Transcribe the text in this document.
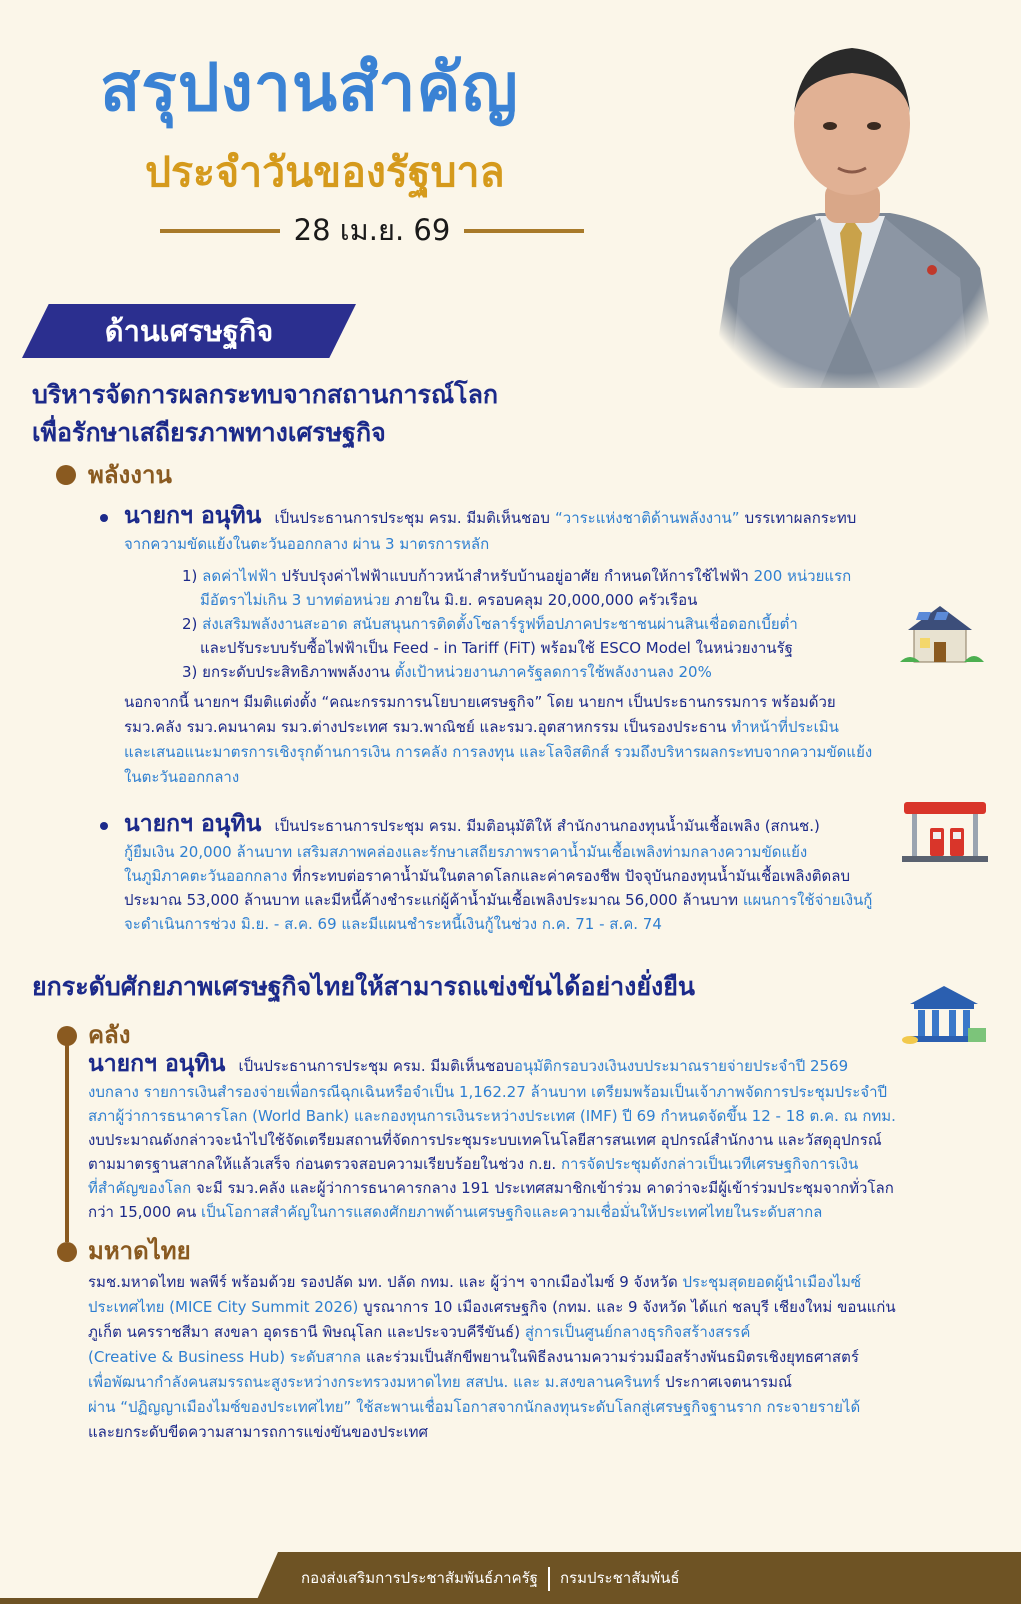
สรุปงานสำคัญ
ประจำวันของรัฐบาล
28 เม.ย. 69
ด้านเศรษฐกิจ
บริหารจัดการผลกระทบจากสถานการณ์โลก
เพื่อรักษาเสถียรภาพทางเศรษฐกิจ
พลังงาน
นายกฯ อนุทิน เป็นประธานการประชุม ครม. มีมติเห็นชอบ “วาระแห่งชาติด้านพลังงาน” บรรเทาผลกระทบ
จากความขัดแย้งในตะวันออกกลาง ผ่าน 3 มาตรการหลัก
1) ลดค่าไฟฟ้า ปรับปรุงค่าไฟฟ้าแบบก้าวหน้าสำหรับบ้านอยู่อาศัย กำหนดให้การใช้ไฟฟ้า 200 หน่วยแรก
มีอัตราไม่เกิน 3 บาทต่อหน่วย ภายใน มิ.ย. ครอบคลุม 20,000,000 ครัวเรือน
2) ส่งเสริมพลังงานสะอาด สนับสนุนการติดตั้งโซลาร์รูฟท็อปภาคประชาชนผ่านสินเชื่อดอกเบี้ยต่ำ
และปรับระบบรับซื้อไฟฟ้าเป็น Feed - in Tariff (FiT) พร้อมใช้ ESCO Model ในหน่วยงานรัฐ
3) ยกระดับประสิทธิภาพพลังงาน ตั้งเป้าหน่วยงานภาครัฐลดการใช้พลังงานลง 20%
นอกจากนี้ นายกฯ มีมติแต่งตั้ง “คณะกรรมการนโยบายเศรษฐกิจ” โดย นายกฯ เป็นประธานกรรมการ พร้อมด้วย
รมว.คลัง รมว.คมนาคม รมว.ต่างประเทศ รมว.พาณิชย์ และรมว.อุตสาหกรรม เป็นรองประธาน ทำหน้าที่ประเมิน
และเสนอแนะมาตรการเชิงรุกด้านการเงิน การคลัง การลงทุน และโลจิสติกส์ รวมถึงบริหารผลกระทบจากความขัดแย้ง
ในตะวันออกกลาง
นายกฯ อนุทิน เป็นประธานการประชุม ครม. มีมติอนุมัติให้ สำนักงานกองทุนน้ำมันเชื้อเพลิง (สกนช.)
กู้ยืมเงิน 20,000 ล้านบาท เสริมสภาพคล่องและรักษาเสถียรภาพราคาน้ำมันเชื้อเพลิงท่ามกลางความขัดแย้ง
ในภูมิภาคตะวันออกกลาง ที่กระทบต่อราคาน้ำมันในตลาดโลกและค่าครองชีพ ปัจจุบันกองทุนน้ำมันเชื้อเพลิงติดลบ
ประมาณ 53,000 ล้านบาท และมีหนี้ค้างชำระแก่ผู้ค้าน้ำมันเชื้อเพลิงประมาณ 56,000 ล้านบาท แผนการใช้จ่ายเงินกู้
จะดำเนินการช่วง มิ.ย. - ส.ค. 69 และมีแผนชำระหนี้เงินกู้ในช่วง ก.ค. 71 - ส.ค. 74
ยกระดับศักยภาพเศรษฐกิจไทยให้สามารถแข่งขันได้อย่างยั่งยืน
คลัง
นายกฯ อนุทิน เป็นประธานการประชุม ครม. มีมติเห็นชอบอนุมัติกรอบวงเงินงบประมาณรายจ่ายประจำปี 2569
งบกลาง รายการเงินสำรองจ่ายเพื่อกรณีฉุกเฉินหรือจำเป็น 1,162.27 ล้านบาท เตรียมพร้อมเป็นเจ้าภาพจัดการประชุมประจำปี
สภาผู้ว่าการธนาคารโลก (World Bank) และกองทุนการเงินระหว่างประเทศ (IMF) ปี 69 กำหนดจัดขึ้น 12 - 18 ต.ค. ณ กทม.
งบประมาณดังกล่าวจะนำไปใช้จัดเตรียมสถานที่จัดการประชุมระบบเทคโนโลยีสารสนเทศ อุปกรณ์สำนักงาน และวัสดุอุปกรณ์
ตามมาตรฐานสากลให้แล้วเสร็จ ก่อนตรวจสอบความเรียบร้อยในช่วง ก.ย. การจัดประชุมดังกล่าวเป็นเวทีเศรษฐกิจการเงิน
ที่สำคัญของโลก จะมี รมว.คลัง และผู้ว่าการธนาคารกลาง 191 ประเทศสมาชิกเข้าร่วม คาดว่าจะมีผู้เข้าร่วมประชุมจากทั่วโลก
กว่า 15,000 คน เป็นโอกาสสำคัญในการแสดงศักยภาพด้านเศรษฐกิจและความเชื่อมั่นให้ประเทศไทยในระดับสากล
มหาดไทย
รมช.มหาดไทย พลพีร์ พร้อมด้วย รองปลัด มท. ปลัด กทม. และ ผู้ว่าฯ จากเมืองไมซ์ 9 จังหวัด ประชุมสุดยอดผู้นำเมืองไมซ์
ประเทศไทย (MICE City Summit 2026) บูรณาการ 10 เมืองเศรษฐกิจ (กทม. และ 9 จังหวัด ได้แก่ ชลบุรี เชียงใหม่ ขอนแก่น
ภูเก็ต นครราชสีมา สงขลา อุดรธานี พิษณุโลก และประจวบคีรีขันธ์) สู่การเป็นศูนย์กลางธุรกิจสร้างสรรค์
(Creative & Business Hub) ระดับสากล และร่วมเป็นสักขีพยานในพิธีลงนามความร่วมมือสร้างพันธมิตรเชิงยุทธศาสตร์
เพื่อพัฒนากำลังคนสมรรถนะสูงระหว่างกระทรวงมหาดไทย สสปน. และ ม.สงขลานครินทร์ ประกาศเจตนารมณ์
ผ่าน “ปฏิญญาเมืองไมซ์ของประเทศไทย” ใช้สะพานเชื่อมโอกาสจากนักลงทุนระดับโลกสู่เศรษฐกิจฐานราก กระจายรายได้
และยกระดับขีดความสามารถการแข่งขันของประเทศ
กองส่งเสริมการประชาสัมพันธ์ภาครัฐ กรมประชาสัมพันธ์
